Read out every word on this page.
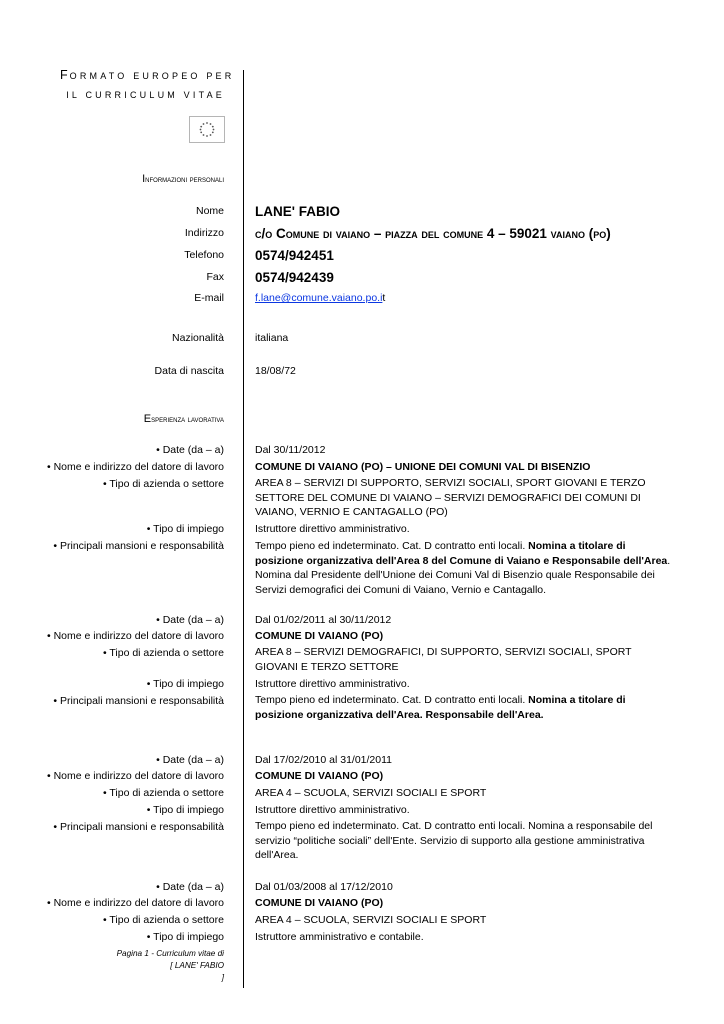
FORMATO EUROPEO PER
IL CURRICULUM VITAE
Informazioni personali
Nome LANE' FABIO
Indirizzo c/o Comune di vaiano – piazza del comune 4 – 59021 vaiano (po)
Telefono 0574/942451
Fax 0574/942439
E-mail	f.lane@comune.vaiano.po.it
Nazionalità	italiana
Data di nascita	18/08/72
Esperienza lavorativa
• Date (da – a)	Dal 30/11/2012
• Nome e indirizzo del datore di lavoro	COMUNE DI VAIANO (PO) – UNIONE DEI COMUNI VAL DI BISENZIO
• Tipo di azienda o settore	AREA 8 – SERVIZI DI SUPPORTO, SERVIZI SOCIALI, SPORT GIOVANI E TERZO SETTORE DEL COMUNE DI VAIANO – SERVIZI DEMOGRAFICI DEI COMUNI DI VAIANO, VERNIO E CANTAGALLO (PO)
• Tipo di impiego	Istruttore direttivo amministrativo.
• Principali mansioni e responsabilità	Tempo pieno ed indeterminato. Cat. D contratto enti locali. Nomina a titolare di posizione organizzativa dell'Area 8 del Comune di Vaiano e Responsabile dell'Area. Nomina dal Presidente dell'Unione dei Comuni Val di Bisenzio quale Responsabile dei Servizi demografici dei Comuni di Vaiano, Vernio e Cantagallo.
• Date (da – a)	Dal 01/02/2011 al 30/11/2012
• Nome e indirizzo del datore di lavoro	COMUNE DI VAIANO (PO)
• Tipo di azienda o settore	AREA 8 – SERVIZI DEMOGRAFICI, DI SUPPORTO, SERVIZI SOCIALI, SPORT GIOVANI E TERZO SETTORE
• Tipo di impiego	Istruttore direttivo amministrativo.
• Principali mansioni e responsabilità	Tempo pieno ed indeterminato. Cat. D contratto enti locali. Nomina a titolare di posizione organizzativa dell'Area. Responsabile dell'Area.
• Date (da – a)	Dal 17/02/2010 al 31/01/2011
• Nome e indirizzo del datore di lavoro	COMUNE DI VAIANO (PO)
• Tipo di azienda o settore	AREA 4 – SCUOLA, SERVIZI SOCIALI E SPORT
• Tipo di impiego	Istruttore direttivo amministrativo.
• Principali mansioni e responsabilità	Tempo pieno ed indeterminato. Cat. D contratto enti locali. Nomina a responsabile del servizio “politiche sociali” dell'Ente. Servizio di supporto alla gestione amministrativa dell'Area.
• Date (da – a)	Dal 01/03/2008 al 17/12/2010
• Nome e indirizzo del datore di lavoro	COMUNE DI VAIANO (PO)
• Tipo di azienda o settore	AREA 4 – SCUOLA, SERVIZI SOCIALI E SPORT
• Tipo di impiego	Istruttore amministrativo e contabile.
Pagina 1 - Curriculum vitae di
[ LANE' FABIO
]
